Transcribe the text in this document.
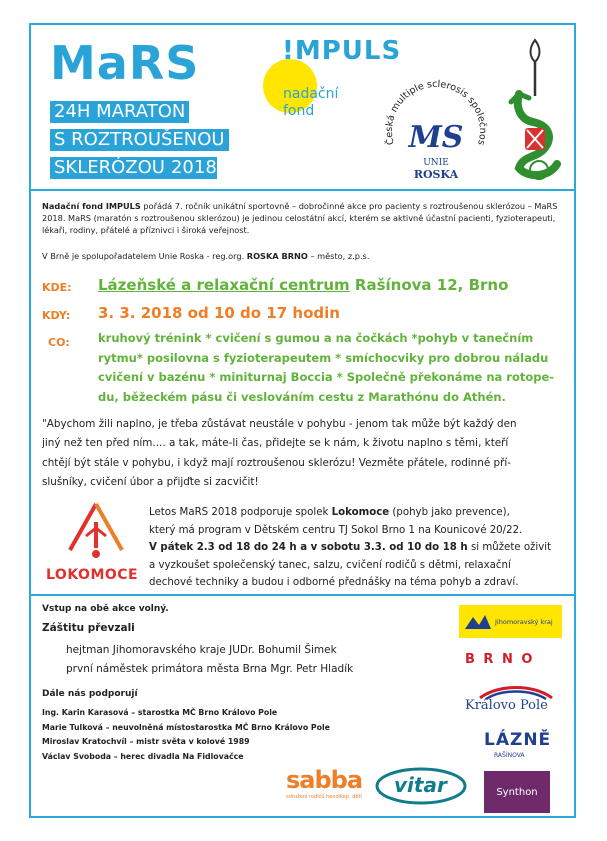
MaRS
24H MARATON
S ROZTROUŠENOU
SKLERÓZOU 2018
!MPULS
nadační
fond
Česká multiple sclerosis společnos
MS
UNIE
ROSKA
Nadační fond IMPULS pořádá 7. ročník unikátní sportovně – dobročinné akce pro pacienty s roztroušenou sklerózou – MaRS 2018. MaRS (maratón s roztroušenou sklerózou) je jedinou celostátní akcí, kterém se aktivně účastní pacienti, fyzioterapeuti, lékaři, rodiny, přátelé a příznivci i široká veřejnost.
V Brně je spolupořadatelem Unie Roska - reg.org. ROSKA BRNO – město, z.p.s.
KDE: Lázeňské a relaxační centrum Rašínova 12, Brno
KDY: 3. 3. 2018 od 10 do 17 hodin
CO: kruhový trénink * cvičení s gumou a na čočkách *pohyb v tanečním
rytmu* posilovna s fyzioterapeutem * smíchocviky pro dobrou náladu
cvičení v bazénu * miniturnaj Boccia * Společně překonáme na rotope-
du, běžeckém pásu či veslováním cestu z Marathónu do Athén.
"Abychom žili naplno, je třeba zůstávat neustále v pohybu - jenom tak může být každý den
jiný než ten před ním.... a tak, máte-li čas, přidejte se k nám, k životu naplno s těmi, kteří
chtějí být stále v pohybu, i když mají roztroušenou sklerózu! Vezměte přátele, rodinné pří-
slušníky, cvičení úbor a přijďte si zacvičit!
LOKOMOCE
Letos MaRS 2018 podporuje spolek Lokomoce (pohyb jako prevence),
který má program v Dětském centru TJ Sokol Brno 1 na Kounicové 20/22.
V pátek 2.3 od 18 do 24 h a v sobotu 3.3. od 10 do 18 h si můžete oživit
a vyzkoušet společenský tanec, salzu, cvičení rodičů s dětmi, relaxační
dechové techniky a budou i odborné přednášky na téma pohyb a zdraví.
Vstup na obě akce volný.
Záštitu převzali
hejtman Jihomoravského kraje JUDr. Bohumil Šimek
první náměstek primátora města Brna Mgr. Petr Hladík
Dále nás podporují
Ing. Karin Karasová – starostka MČ Brno Královo Pole
Marie Tulková – neuvolněná místostarostka MČ Brno Královo Pole
Miroslav Kratochvíl – mistr světa v kolové 1989
Václav Svoboda – herec divadla Na Fidlovačce
Jihomoravský kraj
B R N O
Královo Pole
LÁZNĚ
RAŠÍNOVA
Synthon
sabba
sdružení rodičů hendikep. dětí vitar
